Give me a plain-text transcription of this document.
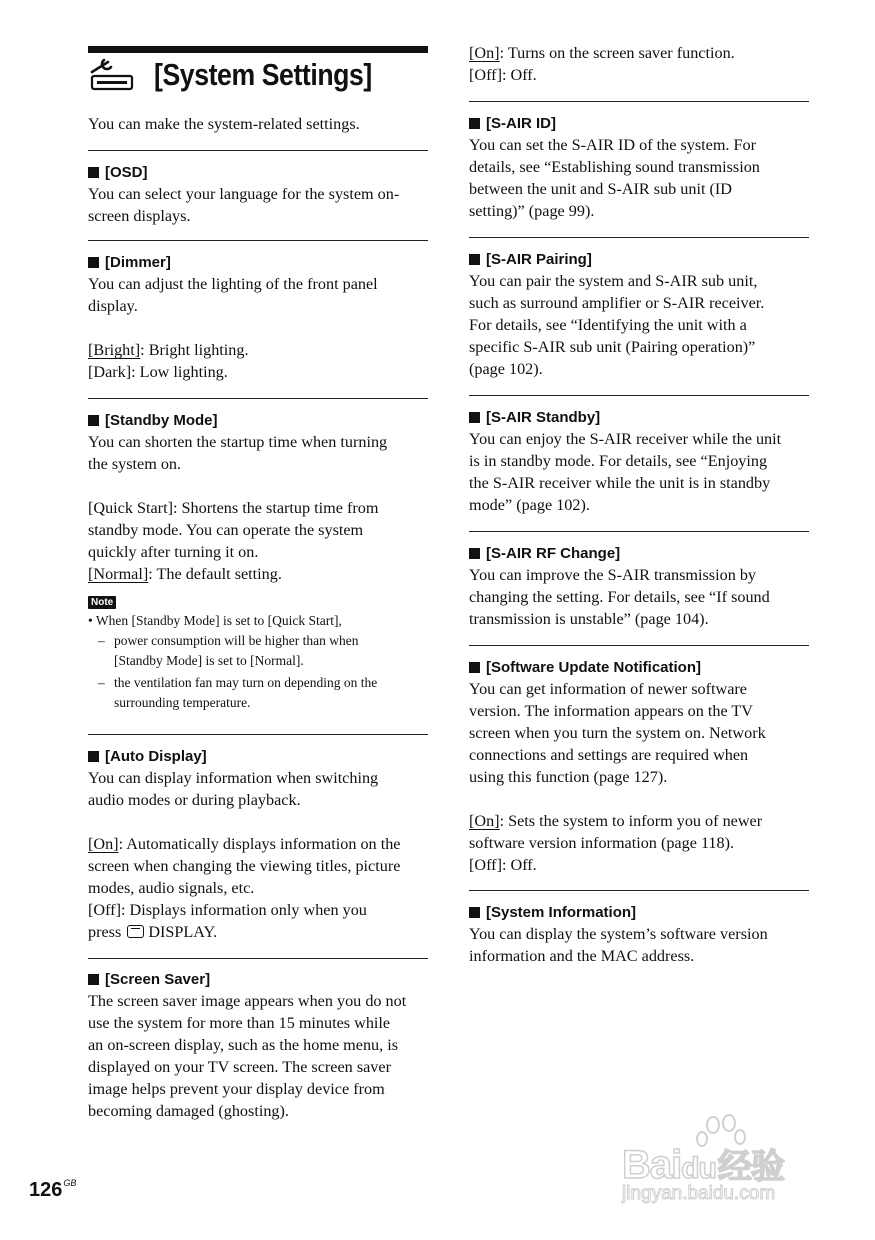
[System Settings]
You can make the system-related settings.
[OSD]
You can select your language for the system on-
screen displays.
[Dimmer]
You can adjust the lighting of the front panel
display.
[Bright]: Bright lighting.
[Dark]: Low lighting.
[Standby Mode]
You can shorten the startup time when turning
the system on.
[Quick Start]: Shortens the startup time from
standby mode. You can operate the system
quickly after turning it on.
[Normal]: The default setting.
Note
• When [Standby Mode] is set to [Quick Start],
– power consumption will be higher than when
[Standby Mode] is set to [Normal].
– the ventilation fan may turn on depending on the
surrounding temperature.
[Auto Display]
You can display information when switching
audio modes or during playback.
[On]: Automatically displays information on the
screen when changing the viewing titles, picture
modes, audio signals, etc.
[Off]: Displays information only when you
press DISPLAY.
[Screen Saver]
The screen saver image appears when you do not
use the system for more than 15 minutes while
an on-screen display, such as the home menu, is
displayed on your TV screen. The screen saver
image helps prevent your display device from
becoming damaged (ghosting).
[On]: Turns on the screen saver function.
[Off]: Off.
[S-AIR ID]
You can set the S-AIR ID of the system. For
details, see “Establishing sound transmission
between the unit and S-AIR sub unit (ID
setting)” (page 99).
[S-AIR Pairing]
You can pair the system and S-AIR sub unit,
such as surround amplifier or S-AIR receiver.
For details, see “Identifying the unit with a
specific S-AIR sub unit (Pairing operation)”
(page 102).
[S-AIR Standby]
You can enjoy the S-AIR receiver while the unit
is in standby mode. For details, see “Enjoying
the S-AIR receiver while the unit is in standby
mode” (page 102).
[S-AIR RF Change]
You can improve the S-AIR transmission by
changing the setting. For details, see “If sound
transmission is unstable” (page 104).
[Software Update Notification]
You can get information of newer software
version. The information appears on the TV
screen when you turn the system on. Network
connections and settings are required when
using this function (page 127).
[On]: Sets the system to inform you of newer
software version information (page 118).
[Off]: Off.
[System Information]
You can display the system’s software version
information and the MAC address.
$126^{GB}$	Baidu经验
jingyan.baidu.com
